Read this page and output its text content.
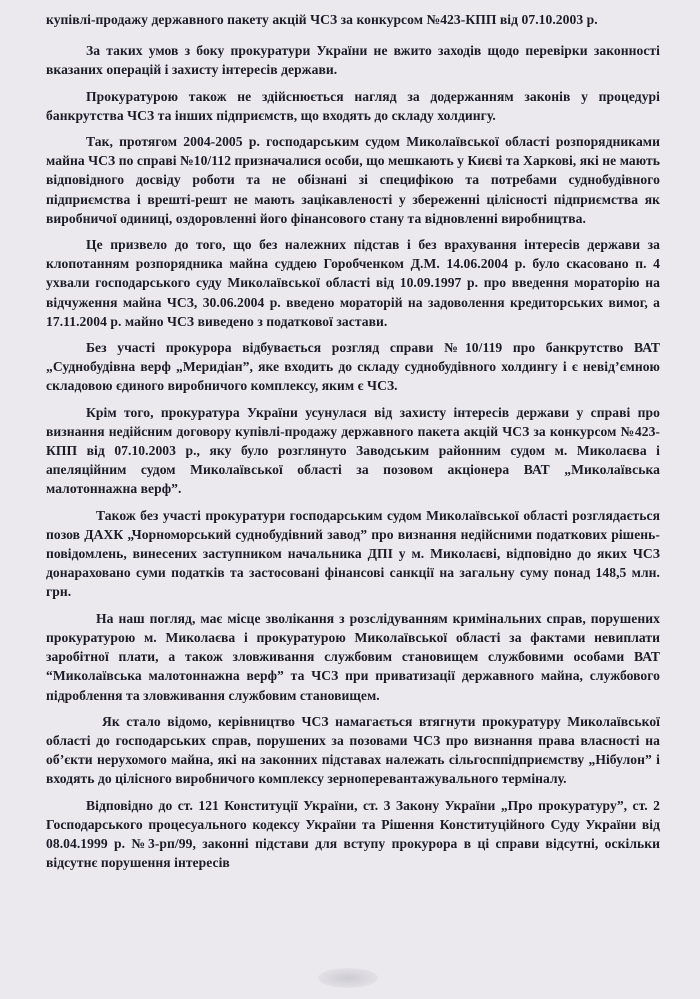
купівлі-продажу державного пакету акцій ЧСЗ за конкурсом №423-КПП від 07.10.2003 р.

За таких умов з боку прокуратури України не вжито заходів щодо перевірки законності вказаних операцій і захисту інтересів держави.

Прокуратурою також не здійснюється нагляд за додержанням законів у процедурі банкрутства ЧСЗ та інших підприємств, що входять до складу холдингу.

Так, протягом 2004-2005 р. господарським судом Миколаївської області розпорядниками майна ЧСЗ по справі №10/112 призначалися особи, що мешкають у Києві та Харкові, які не мають відповідного досвіду роботи та не обізнані зі специфікою та потребами суднобудівного підприємства і врешті-решт не мають зацікавленості у збереженні цілісності підприємства як виробничої одиниці, оздоровленні його фінансового стану та відновленні виробництва.

Це призвело до того, що без належних підстав і без врахування інтересів держави за клопотанням розпорядника майна суддею Горобченком Д.М. 14.06.2004 р. було скасовано п. 4 ухвали господарського суду Миколаївської області від 10.09.1997 р. про введення мораторію на відчуження майна ЧСЗ, 30.06.2004 р. введено мораторій на задоволення кредиторських вимог, а 17.11.2004 р. майно ЧСЗ виведено з податкової застави.

Без участі прокурора відбувається розгляд справи №10/119 про банкрутство ВАТ „Суднобудівна верф „Меридіан”, яке входить до складу суднобудівного холдингу і є невід’ємною складовою єдиного виробничого комплексу, яким є ЧСЗ.

Крім того, прокуратура України усунулася від захисту інтересів держави у справі про визнання недійсним договору купівлі-продажу державного пакета акцій ЧСЗ за конкурсом №423-КПП від 07.10.2003 р., яку було розглянуто Заводським районним судом м. Миколаєва і апеляційним судом Миколаївської області за позовом акціонера ВАТ „Миколаївська малотоннажна верф”.

Також без участі прокуратури господарським судом Миколаївської області розглядається позов ДАХК „Чорноморський суднобудівний завод” про визнання недійсними податкових рішень-повідомлень, винесених заступником начальника ДПІ у м. Миколаєві, відповідно до яких ЧСЗ донараховано суми податків та застосовані фінансові санкції на загальну суму понад 148,5 млн. грн.

На наш погляд, має місце зволікання з розслідуванням кримінальних справ, порушених прокуратурою м. Миколаєва і прокуратурою Миколаївської області за фактами невиплати заробітної плати, а також зловживання службовим становищем службовими особами ВАТ “Миколаївська малотоннажна верф” та ЧСЗ при приватизації державного майна, службового підроблення та зловживання службовим становищем.

Як стало відомо, керівництво ЧСЗ намагається втягнути прокуратуру Миколаївської області до господарських справ, порушених за позовами ЧСЗ про визнання права власності на об’єкти нерухомого майна, які на законних підставах належать сільгосппідприємству „Нібулон” і входять до цілісного виробничого комплексу зерноперевантажувального терміналу.

Відповідно до ст. 121 Конституції України, ст. 3 Закону України „Про прокуратуру”, ст. 2 Господарського процесуального кодексу України та Рішення Конституційного Суду України від 08.04.1999 р. №3-рп/99, законні підстави для вступу прокурора в ці справи відсутні, оскільки відсутнє порушення інтересів
